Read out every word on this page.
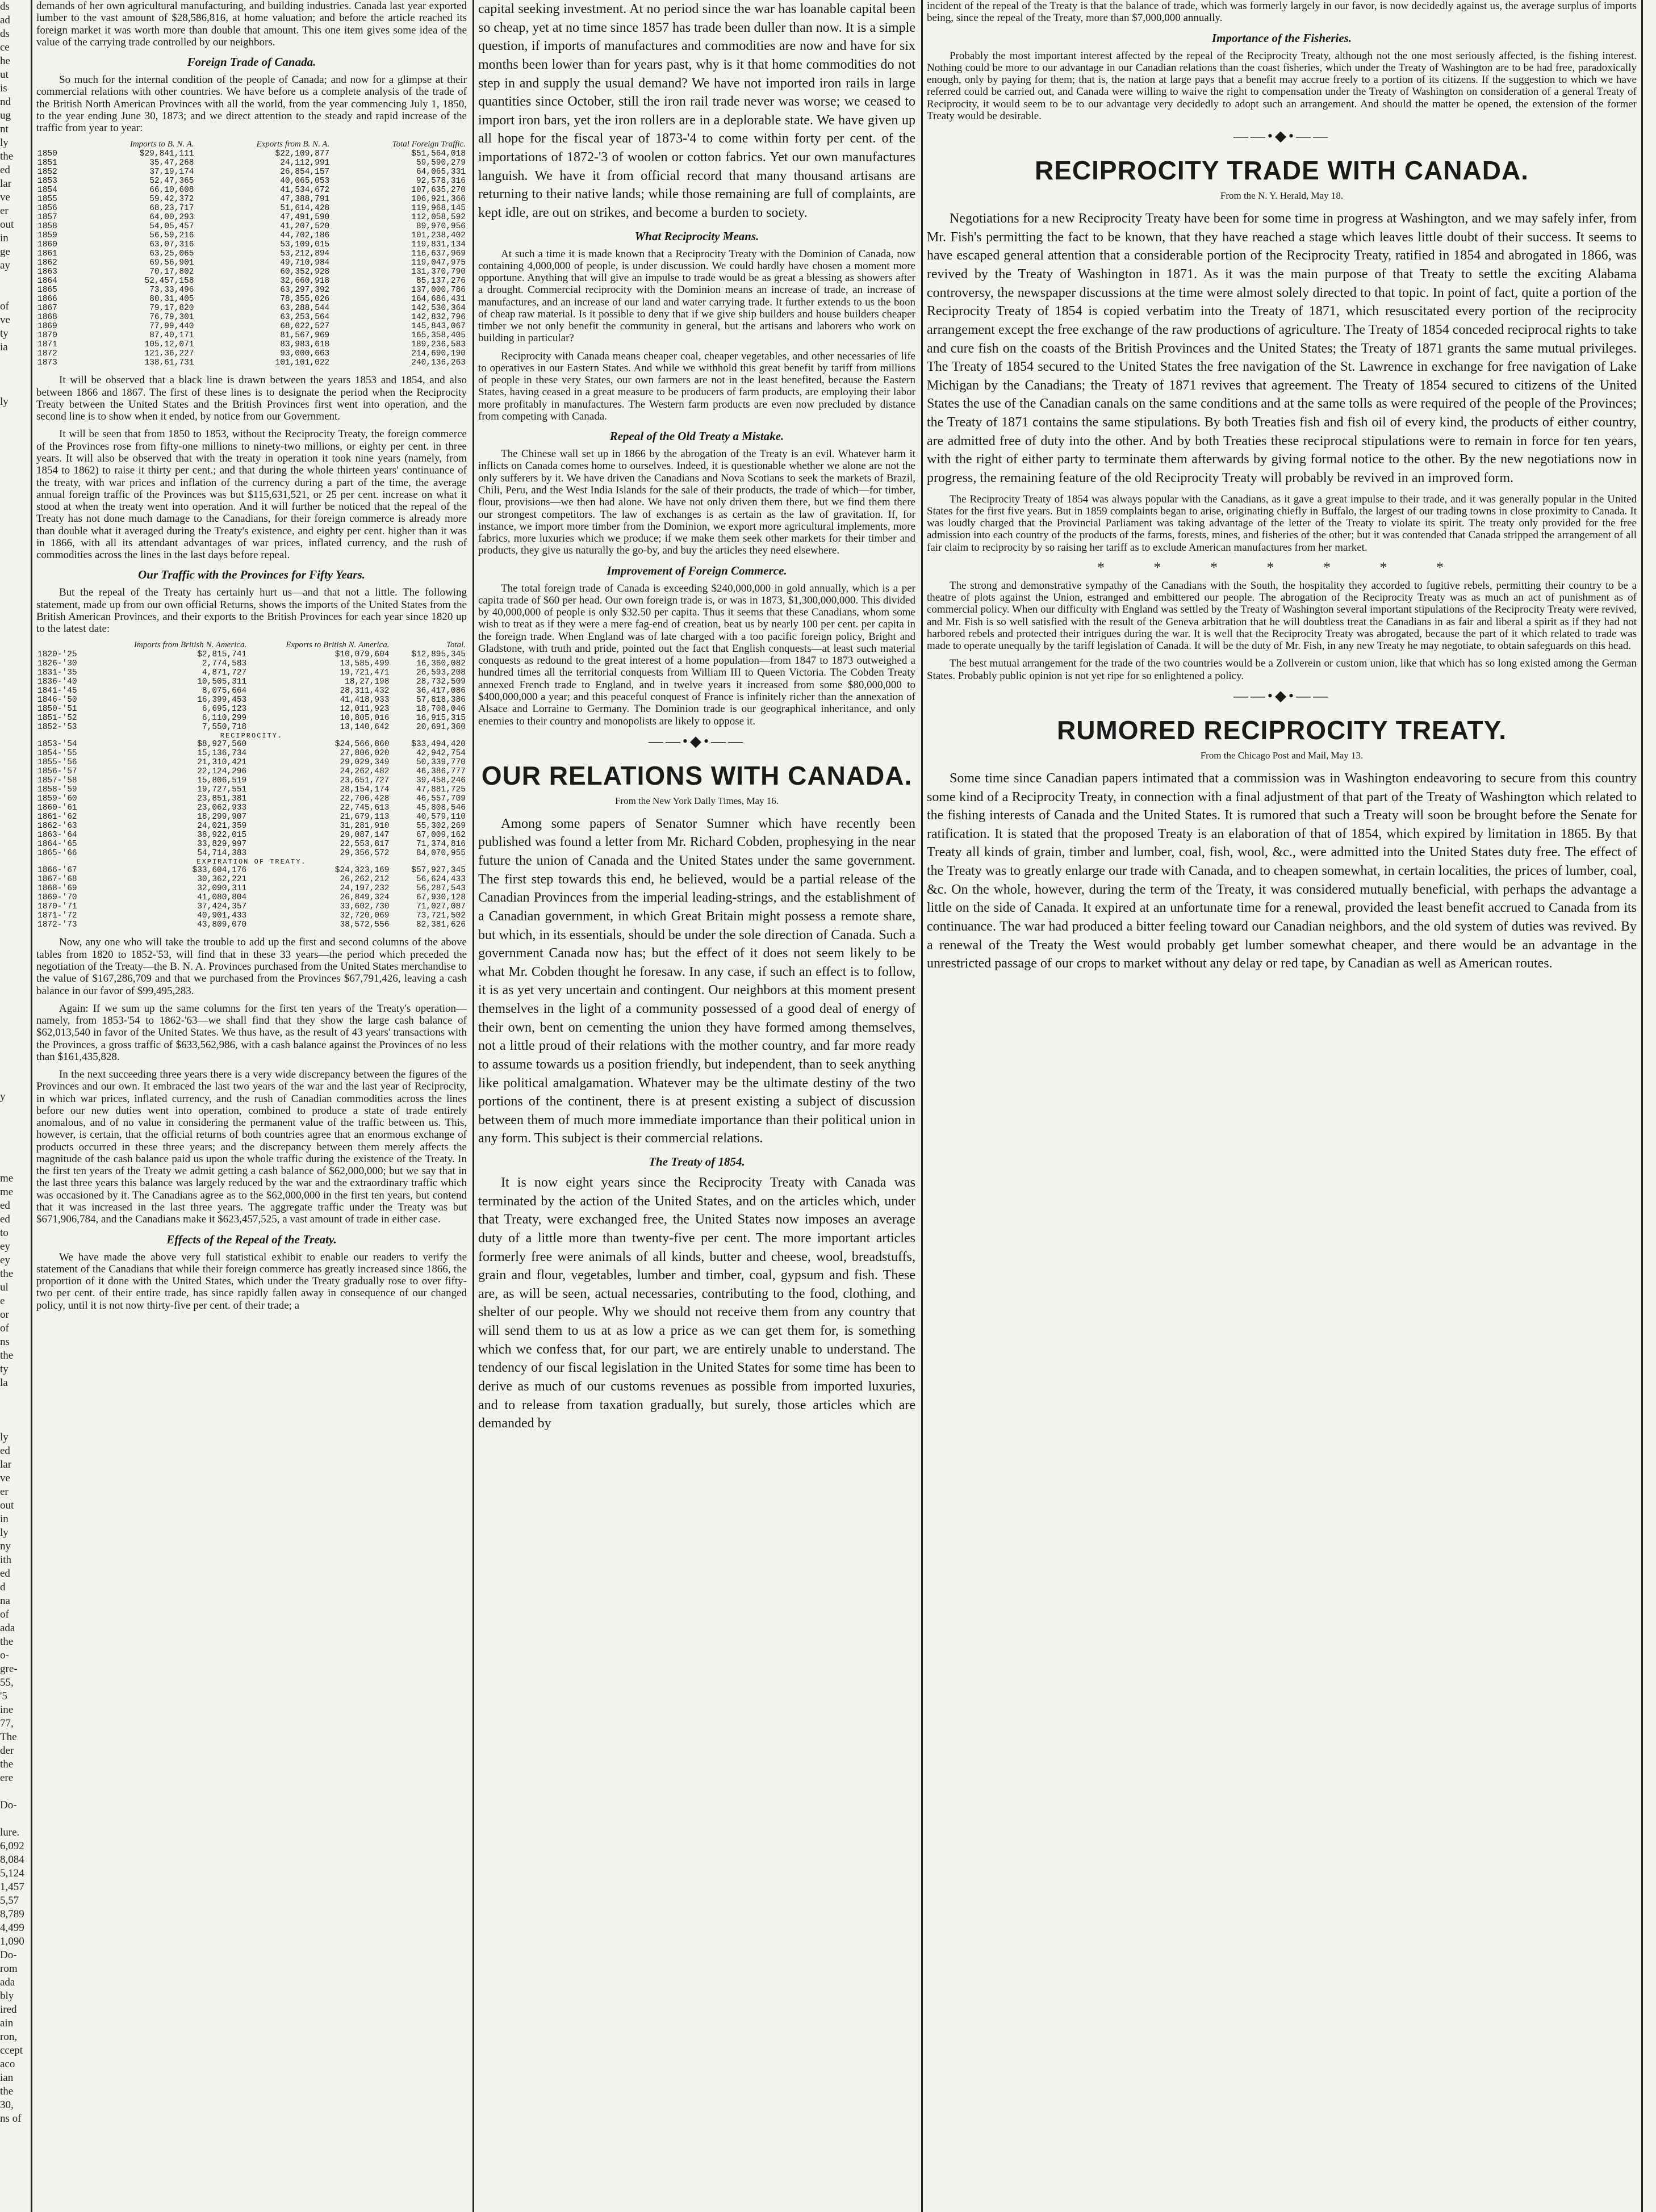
ds
ad
ds
ce
he
ut
is
nd
ug
nt
ly
the
ed
lar
ve
er
out
in
ge
ay

of
ve
ty
ia

ly

y

me
me
ed
ed
to
ey
ey
the
ul
e
or
of
ns
the
ty
la

ly
ed
lar
ve
er
out
in
ly
ny
ith
ed
d
na
of
ada
the
o-
gre-
55,
'5
ine
77,
The
der
the
ere

Do-

lure.
6,092
8,084
5,124
1,457
5,57
8,789
4,499
1,090
Do-
rom
ada
bly
ired
ain
ron,
ccept
aco
ian
the
30,
ns of

demands of her own agricultural manufacturing, and building industries. Canada last year exported lumber to the vast amount of $28,586,816, at home valuation; and before the article reached its foreign market it was worth more than double that amount. This one item gives some idea of the value of the carrying trade controlled by our neighbors.

Foreign Trade of Canada.

So much for the internal condition of the people of Canada; and now for a glimpse at their commercial relations with other countries. We have before us a complete analysis of the trade of the British North American Provinces with all the world, from the year commencing July 1, 1850, to the year ending June 30, 1873; and we direct attention to the steady and rapid increase of the traffic from year to year:

	Imports to B. N. A.	Exports from B. N. A.	Total Foreign Traffic.
1850	$29,841,111	$22,109,877	$51,564,018
1851	35,47,268	24,112,991	59,590,279
1852	37,19,174	26,854,157	64,065,331
1853	52,47,365	40,065,053	92,578,316
1854	66,10,608	41,534,672	107,635,270
1855	59,42,372	47,388,791	106,921,366
1856	68,23,717	51,614,428	119,968,145
1857	64,00,293	47,491,590	112,058,592
1858	54,05,457	41,207,520	89,970,956
1859	56,59,216	44,702,186	101,238,402
1860	63,07,316	53,109,015	119,831,134
1861	63,25,065	53,212,894	116,637,969
1862	69,56,901	49,710,984	119,047,975
1863	70,17,802	60,352,928	131,370,790
1864	52,457,158	32,660,918	85,137,276
1865	73,33,496	63,297,392	137,000,786
1866	80,31,405	78,355,026	164,686,431
1867	79,17,820	63,288,544	142,530,364
1868	76,79,301	63,253,564	142,832,796
1869	77,99,440	68,022,527	145,843,067
1870	87,40,171	81,567,969	165,358,405
1871	105,12,071	83,983,618	189,236,583
1872	121,36,227	93,000,663	214,690,190
1873	138,61,731	101,101,022	240,136,263

It will be observed that a black line is drawn between the years 1853 and 1854, and also between 1866 and 1867. The first of these lines is to designate the period when the Reciprocity Treaty between the United States and the British Provinces first went into operation, and the second line is to show when it ended, by notice from our Government.

It will be seen that from 1850 to 1853, without the Reciprocity Treaty, the foreign commerce of the Provinces rose from fifty-one millions to ninety-two millions, or eighty per cent. in three years. It will also be observed that with the treaty in operation it took nine years (namely, from 1854 to 1862) to raise it thirty per cent.; and that during the whole thirteen years' continuance of the treaty, with war prices and inflation of the currency during a part of the time, the average annual foreign traffic of the Provinces was but $115,631,521, or 25 per cent. increase on what it stood at when the treaty went into operation. And it will further be noticed that the repeal of the Treaty has not done much damage to the Canadians, for their foreign commerce is already more than double what it averaged during the Treaty's existence, and eighty per cent. higher than it was in 1866, with all its attendant advantages of war prices, inflated currency, and the rush of commodities across the lines in the last days before repeal.

Our Traffic with the Provinces for Fifty Years.

But the repeal of the Treaty has certainly hurt us—and that not a little. The following statement, made up from our own official Returns, shows the imports of the United States from the British American Provinces, and their exports to the British Provinces for each year since 1820 up to the latest date:

	Imports from British N. America.	Exports to British N. America.	Total.
1820-'25	$2,815,741	$10,079,604	$12,895,345
1826-'30	2,774,583	13,585,499	16,360,082
1831-'35	4,871,727	19,721,471	26,593,208
1836-'40	10,505,311	18,27,198	28,732,509
1841-'45	8,075,664	28,311,432	36,417,086
1846-'50	16,399,453	41,418,933	57,818,386
1850-'51	6,695,123	12,011,923	18,708,046
1851-'52	6,110,299	10,805,016	16,915,315
1852-'53	7,550,718	13,140,642	20,691,360
RECIPROCITY.			
1853-'54	$8,927,560	$24,566,860	$33,494,420
1854-'55	15,136,734	27,806,020	42,942,754
1855-'56	21,310,421	29,029,349	50,339,770
1856-'57	22,124,296	24,262,482	46,386,777
1857-'58	15,806,519	23,651,727	39,458,246
1858-'59	19,727,551	28,154,174	47,881,725
1859-'60	23,851,381	22,706,428	46,557,709
1860-'61	23,062,933	22,745,613	45,808,546
1861-'62	18,299,907	21,679,113	40,579,110
1862-'63	24,021,359	31,281,910	55,302,269
1863-'64	38,922,015	29,087,147	67,009,162
1864-'65	33,829,997	22,553,817	71,374,816
1865-'66	54,714,383	29,356,572	84,070,955
EXPIRATION OF TREATY.			
1866-'67	$33,604,176	$24,323,169	$57,927,345
1867-'68	30,362,221	26,262,212	56,624,433
1868-'69	32,090,311	24,197,232	56,287,543
1869-'70	41,080,804	26,849,324	67,930,128
1870-'71	37,424,357	33,602,730	71,027,087
1871-'72	40,901,433	32,720,069	73,721,502
1872-'73	43,809,070	38,572,556	82,381,626

Now, any one who will take the trouble to add up the first and second columns of the above tables from 1820 to 1852-'53, will find that in these 33 years—the period which preceded the negotiation of the Treaty—the B. N. A. Provinces purchased from the United States merchandise to the value of $167,286,709 and that we purchased from the Provinces $67,791,426, leaving a cash balance in our favor of $99,495,283.

Again: If we sum up the same columns for the first ten years of the Treaty's operation—namely, from 1853-'54 to 1862-'63—we shall find that they show the large cash balance of $62,013,540 in favor of the United States. We thus have, as the result of 43 years' transactions with the Provinces, a gross traffic of $633,562,986, with a cash balance against the Provinces of no less than $161,435,828.

In the next succeeding three years there is a very wide discrepancy between the figures of the Provinces and our own. It embraced the last two years of the war and the last year of Reciprocity, in which war prices, inflated currency, and the rush of Canadian commodities across the lines before our new duties went into operation, combined to produce a state of trade entirely anomalous, and of no value in considering the permanent value of the traffic between us. This, however, is certain, that the official returns of both countries agree that an enormous exchange of products occurred in these three years; and the discrepancy between them merely affects the magnitude of the cash balance paid us upon the whole traffic during the existence of the Treaty. In the first ten years of the Treaty we admit getting a cash balance of $62,000,000; but we say that in the last three years this balance was largely reduced by the war and the extraordinary traffic which was occasioned by it. The Canadians agree as to the $62,000,000 in the first ten years, but contend that it was increased in the last three years. The aggregate traffic under the Treaty was but $671,906,784, and the Canadians make it $623,457,525, a vast amount of trade in either case.

Effects of the Repeal of the Treaty.

We have made the above very full statistical exhibit to enable our readers to verify the statement of the Canadians that while their foreign commerce has greatly increased since 1866, the proportion of it done with the United States, which under the Treaty gradually rose to over fifty-two per cent. of their entire trade, has since rapidly fallen away in consequence of our changed policy, until it is not now thirty-five per cent. of their trade; a

capital seeking investment. At no period since the war has loanable capital been so cheap, yet at no time since 1857 has trade been duller than now. It is a simple question, if imports of manufactures and commodities are now and have for six months been lower than for years past, why is it that home commodities do not step in and supply the usual demand? We have not imported iron rails in large quantities since October, still the iron rail trade never was worse; we ceased to import iron bars, yet the iron rollers are in a deplorable state. We have given up all hope for the fiscal year of 1873-'4 to come within forty per cent. of the importations of 1872-'3 of woolen or cotton fabrics. Yet our own manufactures languish. We have it from official record that many thousand artisans are returning to their native lands; while those remaining are full of complaints, are kept idle, are out on strikes, and become a burden to society.

What Reciprocity Means.

At such a time it is made known that a Reciprocity Treaty with the Dominion of Canada, now containing 4,000,000 of people, is under discussion. We could hardly have chosen a moment more opportune. Anything that will give an impulse to trade would be as great a blessing as showers after a drought. Commercial reciprocity with the Dominion means an increase of trade, an increase of manufactures, and an increase of our land and water carrying trade. It further extends to us the boon of cheap raw material. Is it possible to deny that if we give ship builders and house builders cheaper timber we not only benefit the community in general, but the artisans and laborers who work on building in particular?

Reciprocity with Canada means cheaper coal, cheaper vegetables, and other necessaries of life to operatives in our Eastern States. And while we withhold this great benefit by tariff from millions of people in these very States, our own farmers are not in the least benefited, because the Eastern States, having ceased in a great measure to be producers of farm products, are employing their labor more profitably in manufactures. The Western farm products are even now precluded by distance from competing with Canada.

Repeal of the Old Treaty a Mistake.

The Chinese wall set up in 1866 by the abrogation of the Treaty is an evil. Whatever harm it inflicts on Canada comes home to ourselves. Indeed, it is questionable whether we alone are not the only sufferers by it. We have driven the Canadians and Nova Scotians to seek the markets of Brazil, Chili, Peru, and the West India Islands for the sale of their products, the trade of which—for timber, flour, provisions—we then had alone. We have not only driven them there, but we find them there our strongest competitors. The law of exchanges is as certain as the law of gravitation. If, for instance, we import more timber from the Dominion, we export more agricultural implements, more fabrics, more luxuries which we produce; if we make them seek other markets for their timber and products, they give us naturally the go-by, and buy the articles they need elsewhere.

Improvement of Foreign Commerce.

The total foreign trade of Canada is exceeding $240,000,000 in gold annually, which is a per capita trade of $60 per head. Our own foreign trade is, or was in 1873, $1,300,000,000. This divided by 40,000,000 of people is only $32.50 per capita. Thus it seems that these Canadians, whom some wish to treat as if they were a mere fag-end of creation, beat us by nearly 100 per cent. per capita in the foreign trade. When England was of late charged with a too pacific foreign policy, Bright and Gladstone, with truth and pride, pointed out the fact that English conquests—at least such material conquests as redound to the great interest of a home population—from 1847 to 1873 outweighed a hundred times all the territorial conquests from William III to Queen Victoria. The Cobden Treaty annexed French trade to England, and in twelve years it increased from some $80,000,000 to $400,000,000 a year; and this peaceful conquest of France is infinitely richer than the annexation of Alsace and Lorraine to Germany. The Dominion trade is our geographical inheritance, and only enemies to their country and monopolists are likely to oppose it.

——•◆•——
OUR RELATIONS WITH CANADA.
From the New York Daily Times, May 16.

Among some papers of Senator Sumner which have recently been published was found a letter from Mr. Richard Cobden, prophesying in the near future the union of Canada and the United States under the same government. The first step towards this end, he believed, would be a partial release of the Canadian Provinces from the imperial leading-strings, and the establishment of a Canadian government, in which Great Britain might possess a remote share, but which, in its essentials, should be under the sole direction of Canada. Such a government Canada now has; but the effect of it does not seem likely to be what Mr. Cobden thought he foresaw. In any case, if such an effect is to follow, it is as yet very uncertain and contingent. Our neighbors at this moment present themselves in the light of a community possessed of a good deal of energy of their own, bent on cementing the union they have formed among themselves, not a little proud of their relations with the mother country, and far more ready to assume towards us a position friendly, but independent, than to seek anything like political amalgamation. Whatever may be the ultimate destiny of the two portions of the continent, there is at present existing a subject of discussion between them of much more immediate importance than their political union in any form. This subject is their commercial relations.

The Treaty of 1854.

It is now eight years since the Reciprocity Treaty with Canada was terminated by the action of the United States, and on the articles which, under that Treaty, were exchanged free, the United States now imposes an average duty of a little more than twenty-five per cent. The more important articles formerly free were animals of all kinds, butter and cheese, wool, breadstuffs, grain and flour, vegetables, lumber and timber, coal, gypsum and fish. These are, as will be seen, actual necessaries, contributing to the food, clothing, and shelter of our people. Why we should not receive them from any country that will send them to us at as low a price as we can get them for, is something which we confess that, for our part, we are entirely unable to understand. The tendency of our fiscal legislation in the United States for some time has been to derive as much of our customs revenues as possible from imported luxuries, and to release from taxation gradually, but surely, those articles which are demanded by

incident of the repeal of the Treaty is that the balance of trade, which was formerly largely in our favor, is now decidedly against us, the average surplus of imports being, since the repeal of the Treaty, more than $7,000,000 annually.

Importance of the Fisheries.

Probably the most important interest affected by the repeal of the Reciprocity Treaty, although not the one most seriously affected, is the fishing interest. Nothing could be more to our advantage in our Canadian relations than the coast fisheries, which under the Treaty of Washington are to be had free, paradoxically enough, only by paying for them; that is, the nation at large pays that a benefit may accrue freely to a portion of its citizens. If the suggestion to which we have referred could be carried out, and Canada were willing to waive the right to compensation under the Treaty of Washington on consideration of a general Treaty of Reciprocity, it would seem to be to our advantage very decidedly to adopt such an arrangement. And should the matter be opened, the extension of the former Treaty would be desirable.

——•◆•——
RECIPROCITY TRADE WITH CANADA.
From the N. Y. Herald, May 18.

Negotiations for a new Reciprocity Treaty have been for some time in progress at Washington, and we may safely infer, from Mr. Fish's permitting the fact to be known, that they have reached a stage which leaves little doubt of their success. It seems to have escaped general attention that a considerable portion of the Reciprocity Treaty, ratified in 1854 and abrogated in 1866, was revived by the Treaty of Washington in 1871. As it was the main purpose of that Treaty to settle the exciting Alabama controversy, the newspaper discussions at the time were almost solely directed to that topic. In point of fact, quite a portion of the Reciprocity Treaty of 1854 is copied verbatim into the Treaty of 1871, which resuscitated every portion of the reciprocity arrangement except the free exchange of the raw productions of agriculture. The Treaty of 1854 conceded reciprocal rights to take and cure fish on the coasts of the British Provinces and the United States; the Treaty of 1871 grants the same mutual privileges. The Treaty of 1854 secured to the United States the free navigation of the St. Lawrence in exchange for free navigation of Lake Michigan by the Canadians; the Treaty of 1871 revives that agreement. The Treaty of 1854 secured to citizens of the United States the use of the Canadian canals on the same conditions and at the same tolls as were required of the people of the Provinces; the Treaty of 1871 contains the same stipulations. By both Treaties fish and fish oil of every kind, the products of either country, are admitted free of duty into the other. And by both Treaties these reciprocal stipulations were to remain in force for ten years, with the right of either party to terminate them afterwards by giving formal notice to the other. By the new negotiations now in progress, the remaining feature of the old Reciprocity Treaty will probably be revived in an improved form.

The Reciprocity Treaty of 1854 was always popular with the Canadians, as it gave a great impulse to their trade, and it was generally popular in the United States for the first five years. But in 1859 complaints began to arise, originating chiefly in Buffalo, the largest of our trading towns in close proximity to Canada. It was loudly charged that the Provincial Parliament was taking advantage of the letter of the Treaty to violate its spirit. The treaty only provided for the free admission into each country of the products of the farms, forests, mines, and fisheries of the other; but it was contended that Canada stripped the arrangement of all fair claim to reciprocity by so raising her tariff as to exclude American manufactures from her market.

* * * * * * *

The strong and demonstrative sympathy of the Canadians with the South, the hospitality they accorded to fugitive rebels, permitting their country to be a theatre of plots against the Union, estranged and embittered our people. The abrogation of the Reciprocity Treaty was as much an act of punishment as of commercial policy. When our difficulty with England was settled by the Treaty of Washington several important stipulations of the Reciprocity Treaty were revived, and Mr. Fish is so well satisfied with the result of the Geneva arbitration that he will doubtless treat the Canadians in as fair and liberal a spirit as if they had not harbored rebels and protected their intrigues during the war. It is well that the Reciprocity Treaty was abrogated, because the part of it which related to trade was made to operate unequally by the tariff legislation of Canada. It will be the duty of Mr. Fish, in any new Treaty he may negotiate, to obtain safeguards on this head.

The best mutual arrangement for the trade of the two countries would be a Zollverein or custom union, like that which has so long existed among the German States. Probably public opinion is not yet ripe for so enlightened a policy.

——•◆•——
RUMORED RECIPROCITY TREATY.
From the Chicago Post and Mail, May 13.

Some time since Canadian papers intimated that a commission was in Washington endeavoring to secure from this country some kind of a Reciprocity Treaty, in connection with a final adjustment of that part of the Treaty of Washington which related to the fishing interests of Canada and the United States. It is rumored that such a Treaty will soon be brought before the Senate for ratification. It is stated that the proposed Treaty is an elaboration of that of 1854, which expired by limitation in 1865. By that Treaty all kinds of grain, timber and lumber, coal, fish, wool, &c., were admitted into the United States duty free. The effect of the Treaty was to greatly enlarge our trade with Canada, and to cheapen somewhat, in certain localities, the prices of lumber, coal, &c. On the whole, however, during the term of the Treaty, it was considered mutually beneficial, with perhaps the advantage a little on the side of Canada. It expired at an unfortunate time for a renewal, provided the least benefit accrued to Canada from its continuance. The war had produced a bitter feeling toward our Canadian neighbors, and the old system of duties was revived. By a renewal of the Treaty the West would probably get lumber somewhat cheaper, and there would be an advantage in the unrestricted passage of our crops to market without any delay or red tape, by Canadian as well as American routes.
